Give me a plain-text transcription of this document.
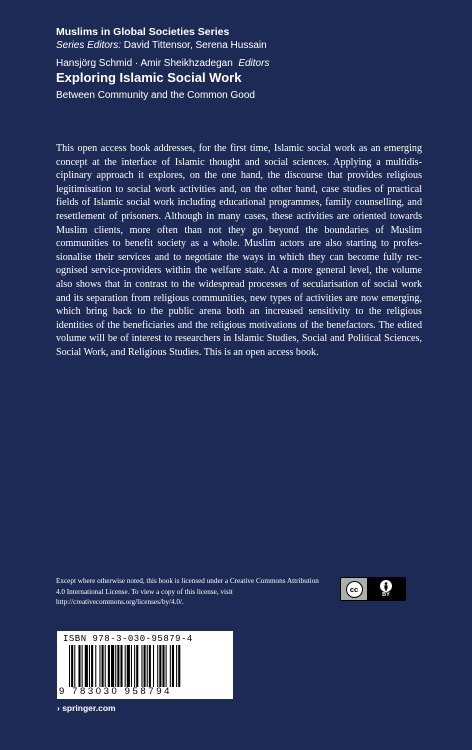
Muslims in Global Societies Series
Series Editors: David Tittensor, Serena Hussain
Hansjörg Schmid · Amir Sheikhzadegan Editors
Exploring Islamic Social Work
Between Community and the Common Good

This open access book addresses, for the first time, Islamic social work as an emerging concept at the interface of Islamic thought and social sciences. Applying a multidisciplinary approach it explores, on the one hand, the discourse that provides religious legitimisation to social work activities and, on the other hand, case studies of practical fields of Islamic social work including educational programmes, family counselling, and resettlement of prisoners. Although in many cases, these activities are oriented towards Muslim clients, more often than not they go beyond the boundaries of Muslim communities to benefit society as a whole. Muslim actors are also starting to professionalise their services and to negotiate the ways in which they can become fully recognised service-providers within the welfare state. At a more general level, the volume also shows that in contrast to the widespread processes of secularisation of social work and its separation from religious communities, new types of activities are now emerging, which bring back to the public arena both an increased sensitivity to the religious identities of the beneficiaries and the religious motivations of the benefactors. The edited volume will be of interest to researchers in Islamic Studies, Social and Political Sciences, Social Work, and Religious Studies. This is an open access book.

Except where otherwise noted, this book is licensed under a Creative Commons Attribution 4.0 International License. To view a copy of this license, visit http://creativecommons.org/licenses/by/4.0/.

cc
BY
ISBN 978-3-030-95879-4
9 783030 958794
› springer.com
